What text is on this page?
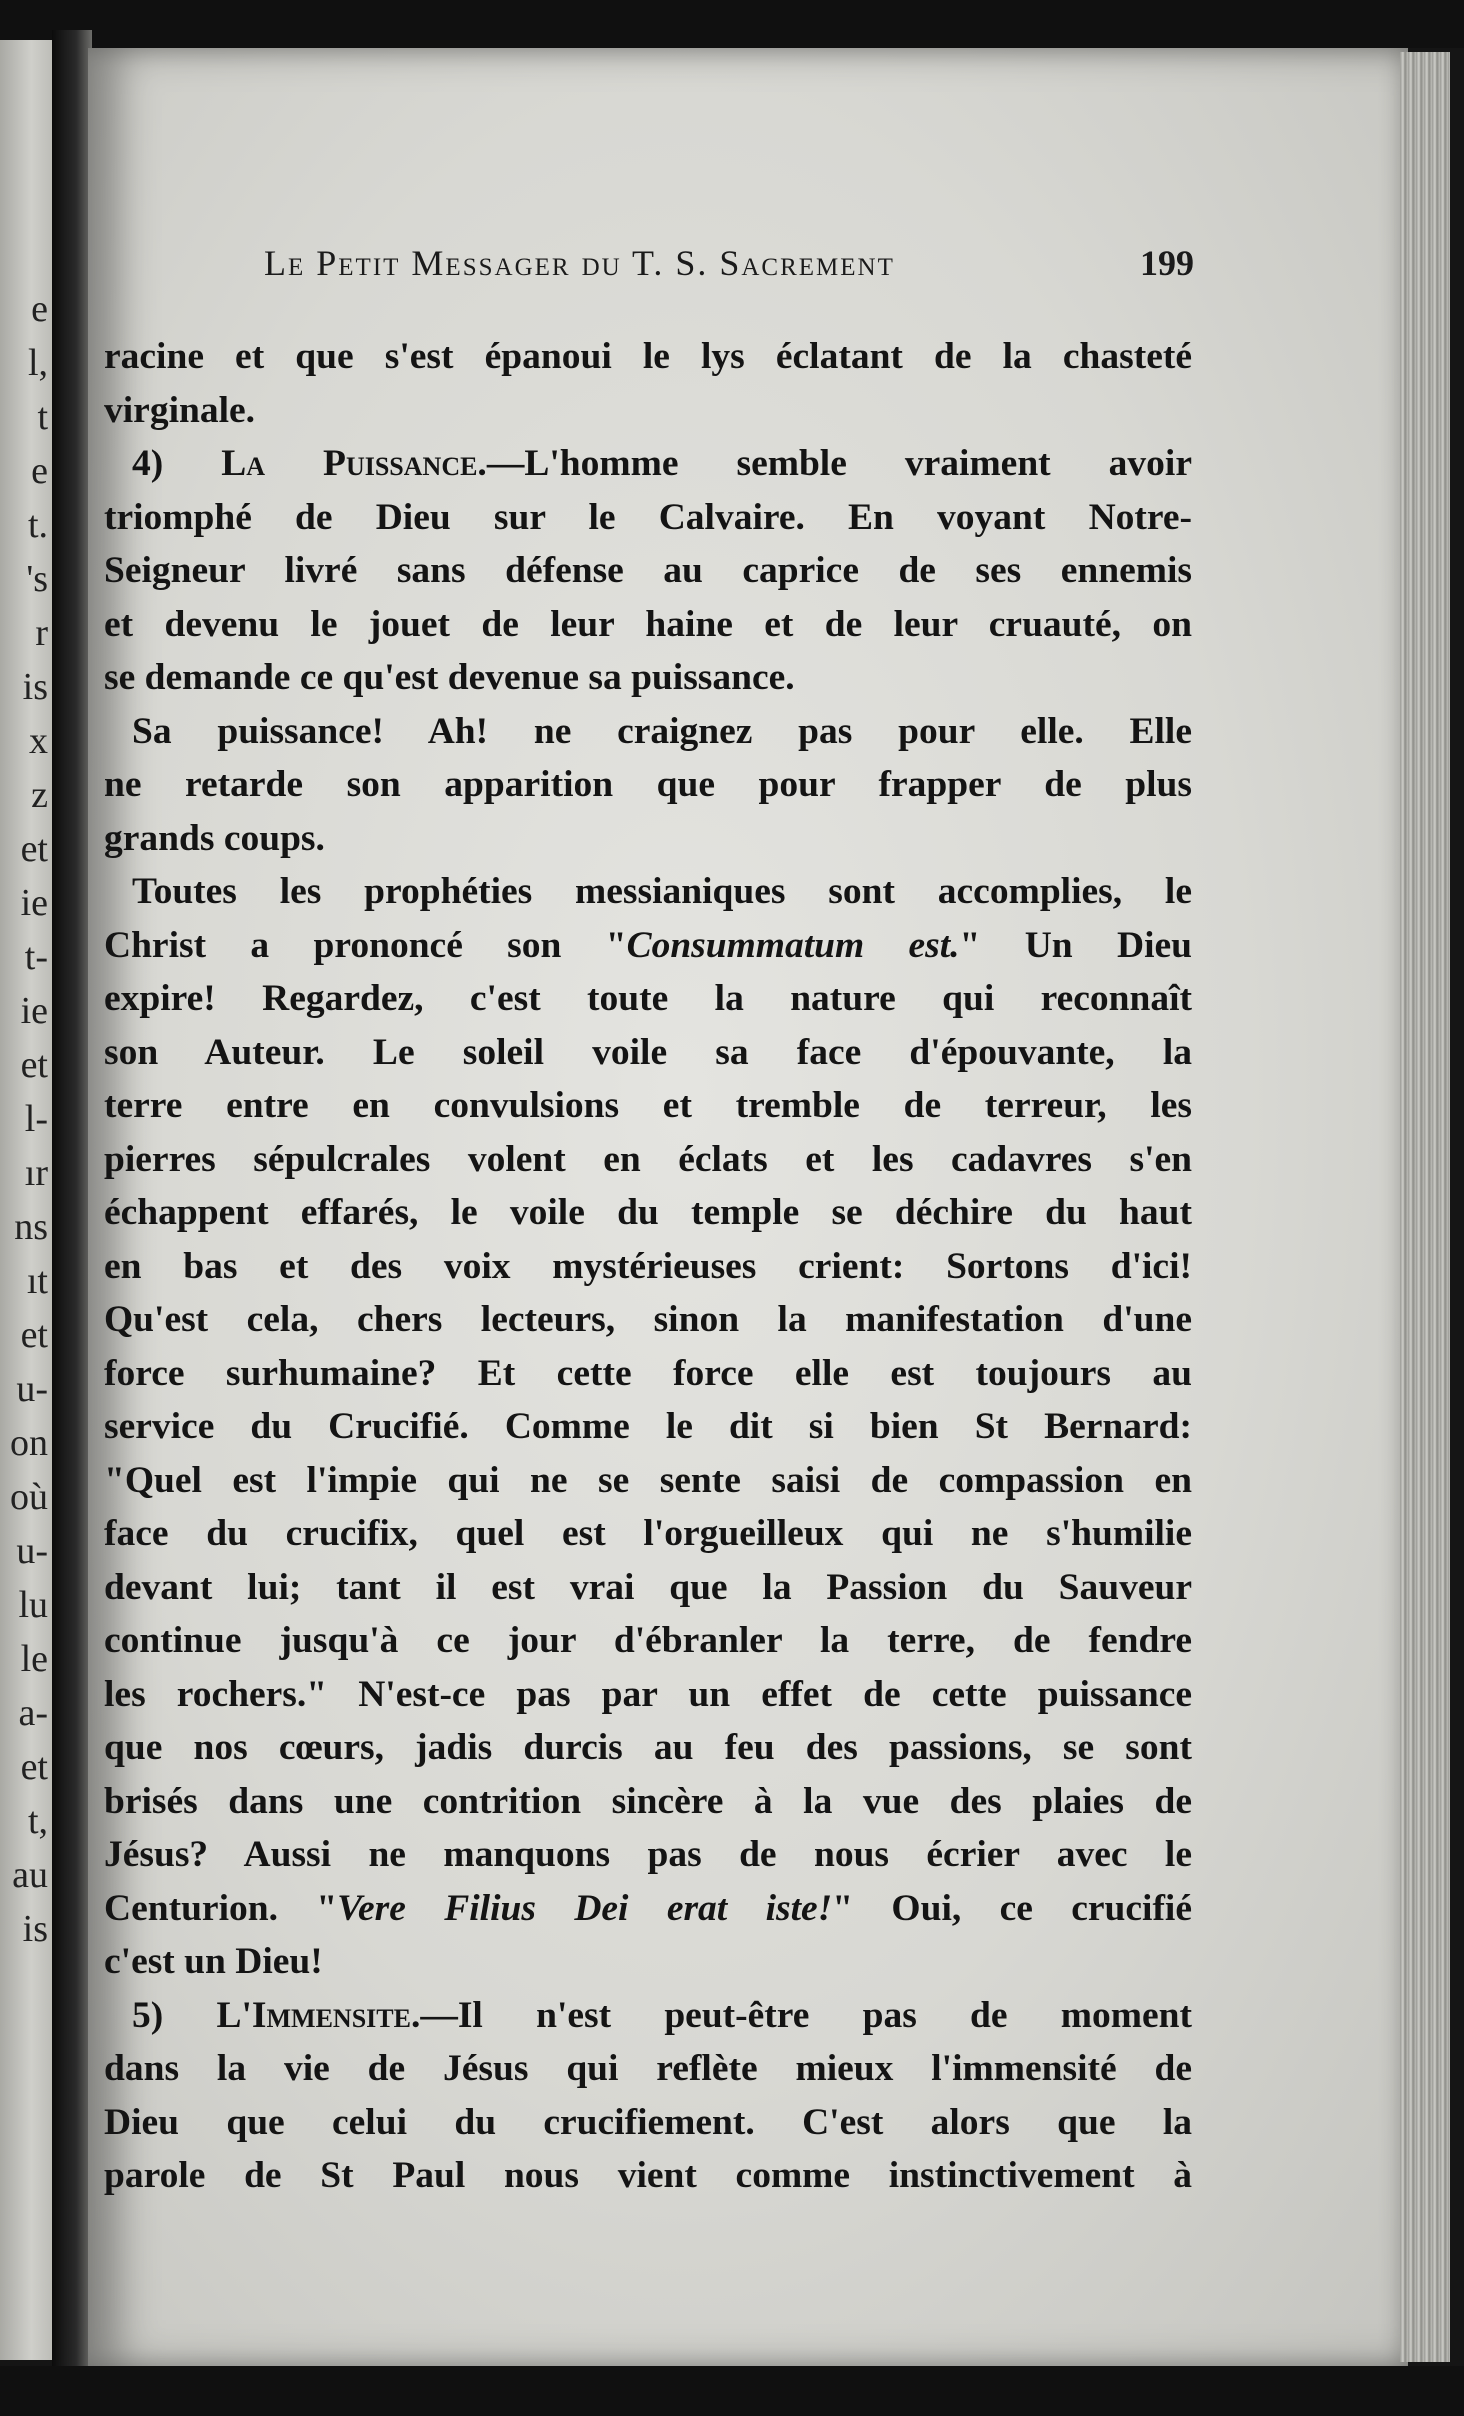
e
l,
t
e
t.
's
r
is
x
z
et
ie
t-
ie
et
l-
ır
ns
ıt
et
u-
on
où
u-
lu
le
a-
et
t,
au
is
Le Petit Messager du T. S. Sacrement	199

racine et que s'est épanoui le lys éclatant de la chasteté

virginale.

4) La Puissance.—L'homme semble vraiment avoir

triomphé de Dieu sur le Calvaire. En voyant Notre-

Seigneur livré sans défense au caprice de ses ennemis

et devenu le jouet de leur haine et de leur cruauté, on

se demande ce qu'est devenue sa puissance.

Sa puissance! Ah! ne craignez pas pour elle. Elle

ne retarde son apparition que pour frapper de plus

grands coups.

Toutes les prophéties messianiques sont accomplies, le

Christ a prononcé son "Consummatum est." Un Dieu

expire! Regardez, c'est toute la nature qui reconnaît

son Auteur. Le soleil voile sa face d'épouvante, la

terre entre en convulsions et tremble de terreur, les

pierres sépulcrales volent en éclats et les cadavres s'en

échappent effarés, le voile du temple se déchire du haut

en bas et des voix mystérieuses crient: Sortons d'ici!

Qu'est cela, chers lecteurs, sinon la manifestation d'une

force surhumaine? Et cette force elle est toujours au

service du Crucifié. Comme le dit si bien St Bernard:

"Quel est l'impie qui ne se sente saisi de compassion en

face du crucifix, quel est l'orgueilleux qui ne s'humilie

devant lui; tant il est vrai que la Passion du Sauveur

continue jusqu'à ce jour d'ébranler la terre, de fendre

les rochers." N'est-ce pas par un effet de cette puissance

que nos cœurs, jadis durcis au feu des passions, se sont

brisés dans une contrition sincère à la vue des plaies de

Jésus? Aussi ne manquons pas de nous écrier avec le

Centurion. "Vere Filius Dei erat iste!" Oui, ce crucifié

c'est un Dieu!

5) L'Immensite.—Il n'est peut-être pas de moment

dans la vie de Jésus qui reflète mieux l'immensité de

Dieu que celui du crucifiement. C'est alors que la

parole de St Paul nous vient comme instinctivement à
